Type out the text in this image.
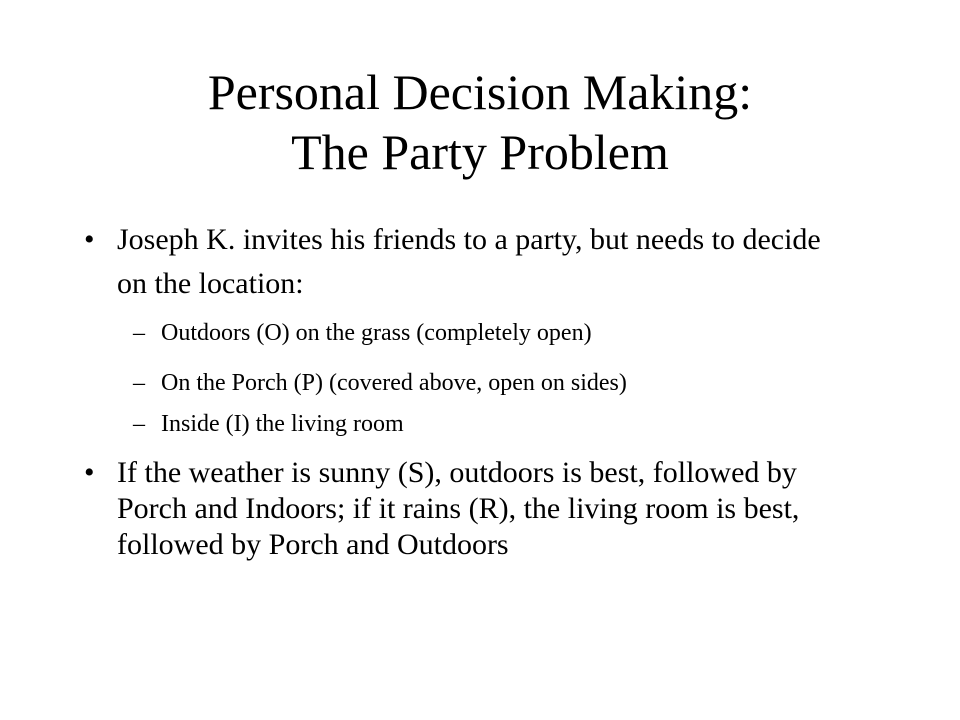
Personal Decision Making:
The Party Problem
• Joseph K. invites his friends to a party, but needs to decide on the location:
– Outdoors (O) on the grass (completely open)
– On the Porch (P) (covered above, open on sides)
– Inside (I) the living room
• If the weather is sunny (S), outdoors is best, followed by Porch and Indoors; if it rains (R), the living room is best, followed by Porch and Outdoors
